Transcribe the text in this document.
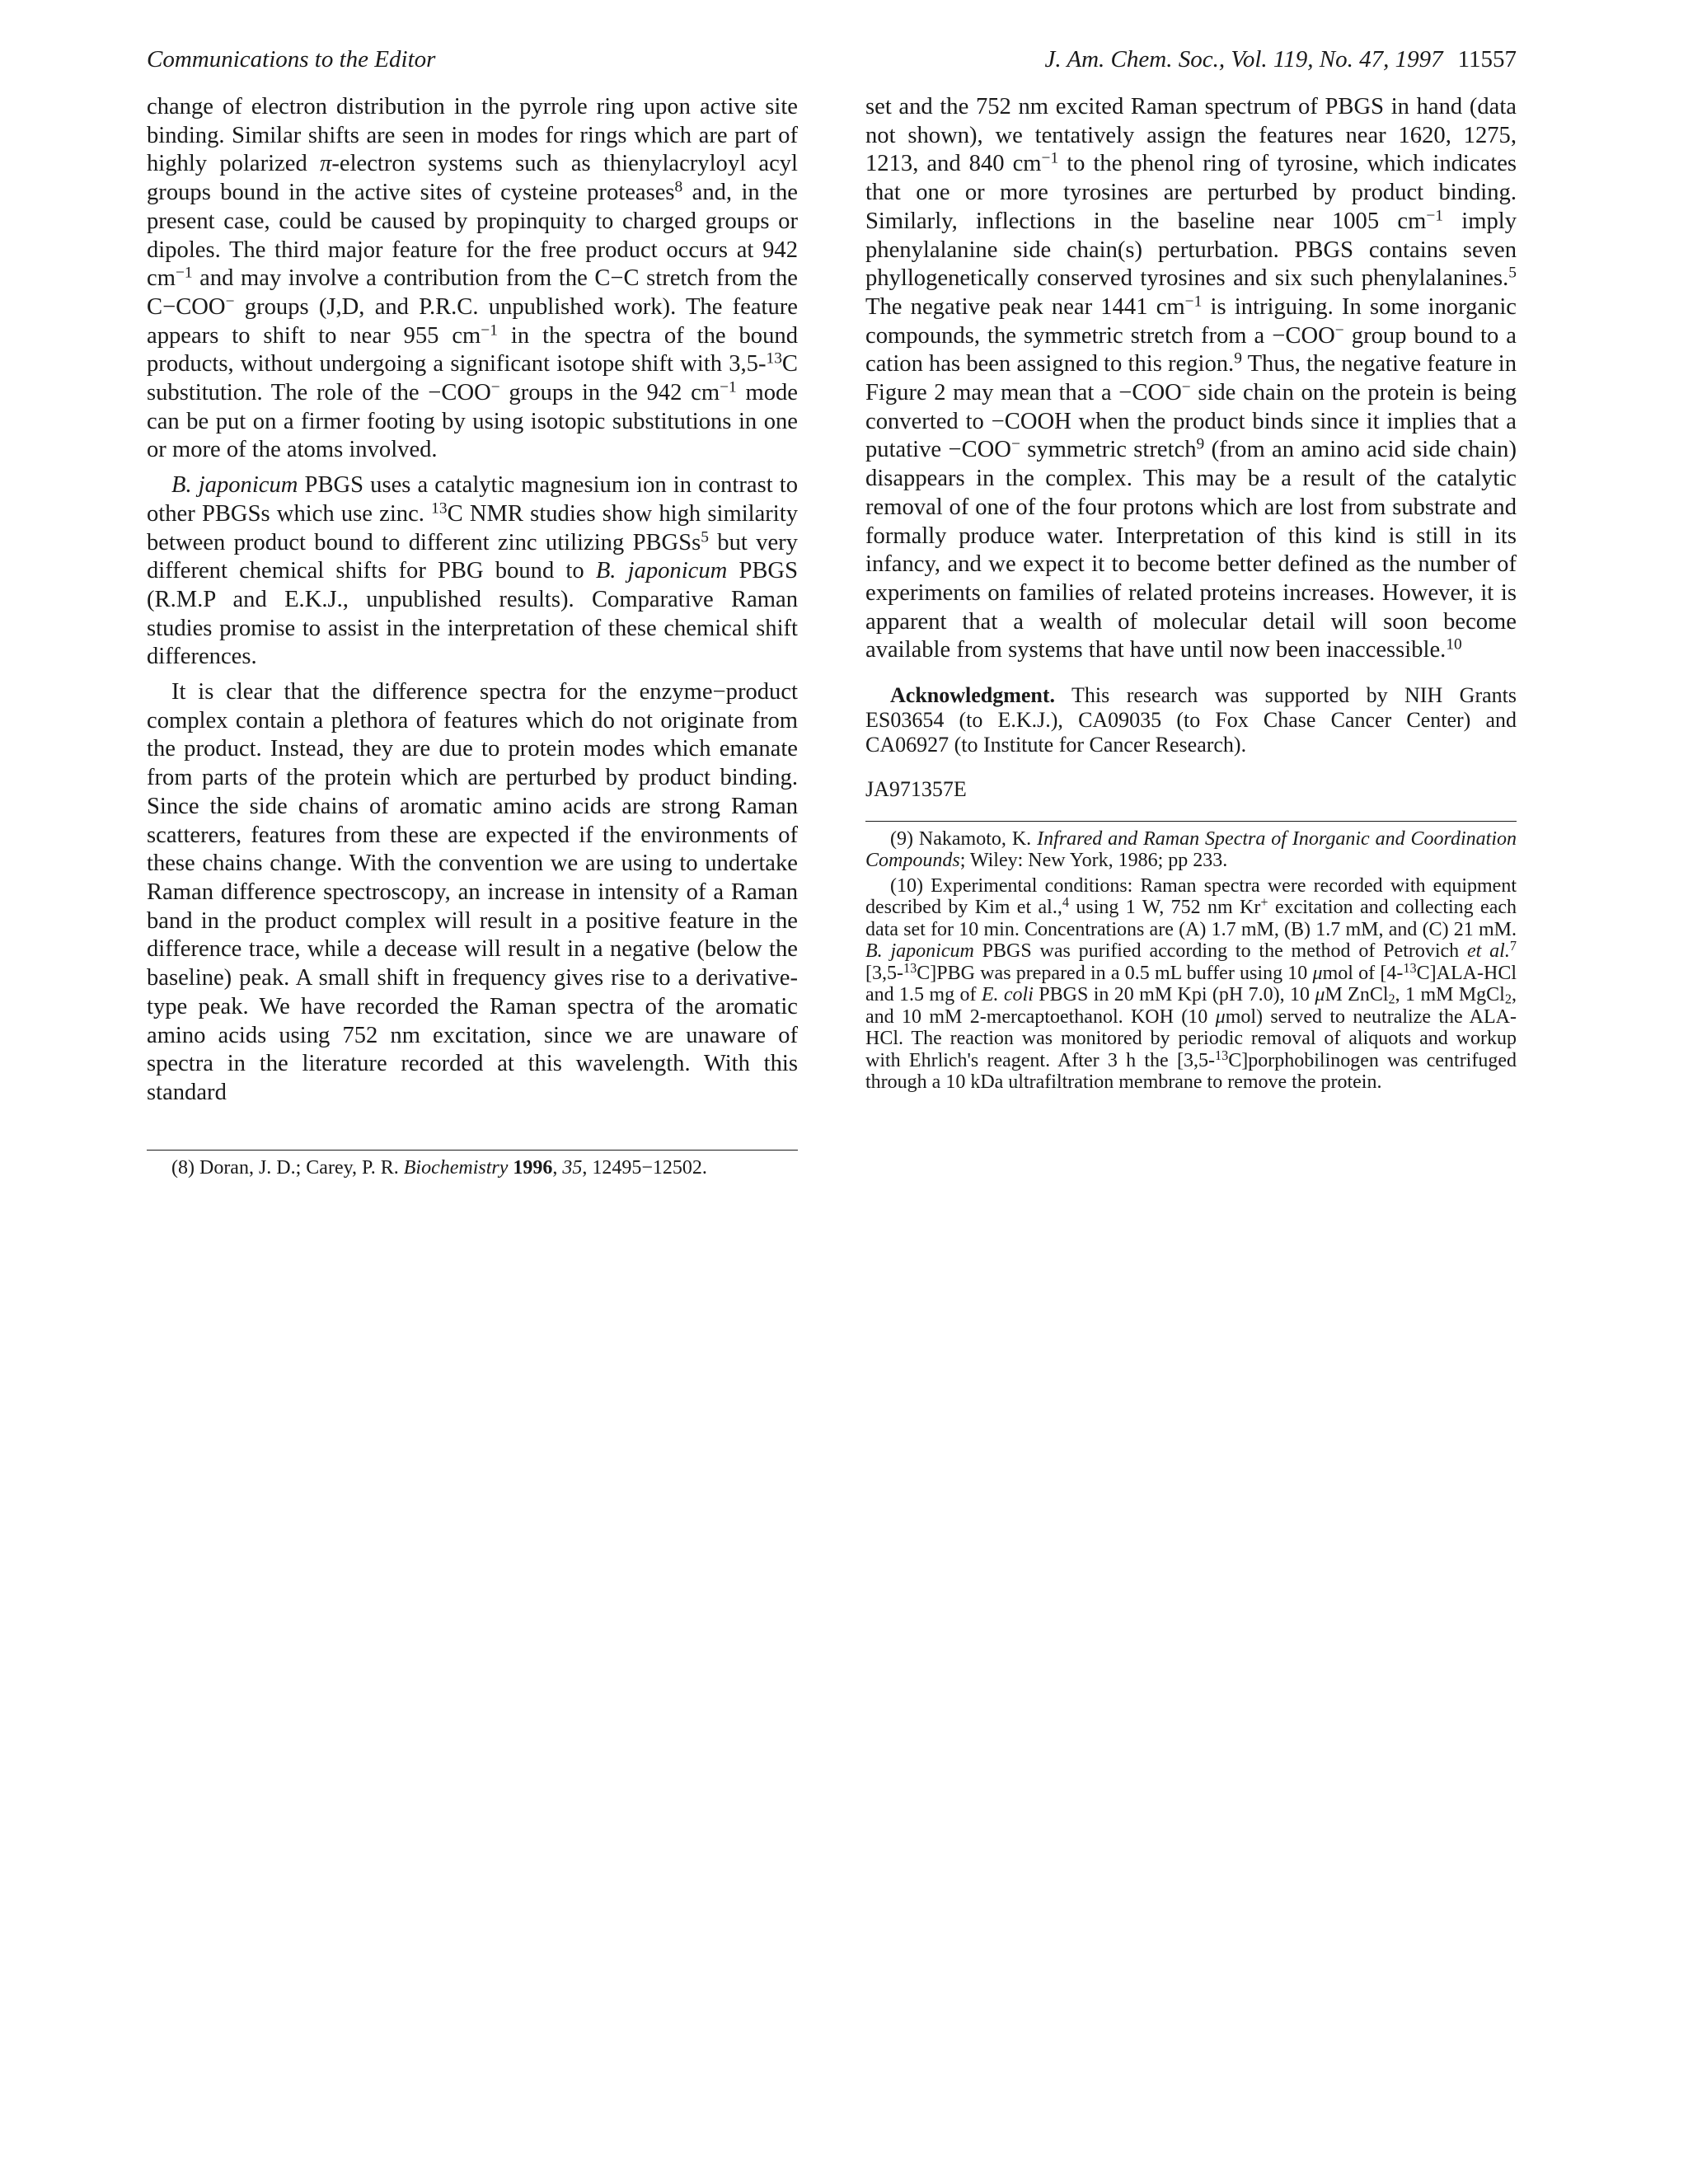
Communications to the Editor	J. Am. Chem. Soc., Vol. 119, No. 47, 1997 11557

change of electron distribution in the pyrrole ring upon active site binding. Similar shifts are seen in modes for rings which are part of highly polarized π-electron systems such as thienylacryloyl acyl groups bound in the active sites of cysteine proteases$^8$ and, in the present case, could be caused by propinquity to charged groups or dipoles. The third major feature for the free product occurs at 942 $cm^{-1}$ and may involve a contribution from the C−C stretch from the C−COO− groups (J,D, and P.R.C. unpublished work). The feature appears to shift to near 955 $cm^{-1}$ in the spectra of the bound products, without undergoing a significant isotope shift with 3,5-$^{13}$C substitution. The role of the −COO− groups in the 942 $cm^{-1}$ mode can be put on a firmer footing by using isotopic substitutions in one or more of the atoms involved.

B. japonicum PBGS uses a catalytic magnesium ion in contrast to other PBGSs which use zinc. $^{13}$C NMR studies show high similarity between product bound to different zinc utilizing PBGSs$^5$ but very different chemical shifts for PBG bound to B. japonicum PBGS (R.M.P and E.K.J., unpublished results). Comparative Raman studies promise to assist in the interpretation of these chemical shift differences.

It is clear that the difference spectra for the enzyme−product complex contain a plethora of features which do not originate from the product. Instead, they are due to protein modes which emanate from parts of the protein which are perturbed by product binding. Since the side chains of aromatic amino acids are strong Raman scatterers, features from these are expected if the environments of these chains change. With the convention we are using to undertake Raman difference spectroscopy, an increase in intensity of a Raman band in the product complex will result in a positive feature in the difference trace, while a decease will result in a negative (below the baseline) peak. A small shift in frequency gives rise to a derivative-type peak. We have recorded the Raman spectra of the aromatic amino acids using 752 nm excitation, since we are unaware of spectra in the literature recorded at this wavelength. With this standard

(8) Doran, J. D.; Carey, P. R. Biochemistry 1996, 35, 12495−12502.

set and the 752 nm excited Raman spectrum of PBGS in hand (data not shown), we tentatively assign the features near 1620, 1275, 1213, and 840 $cm^{-1}$ to the phenol ring of tyrosine, which indicates that one or more tyrosines are perturbed by product binding. Similarly, inflections in the baseline near 1005 $cm^{-1}$ imply phenylalanine side chain(s) perturbation. PBGS contains seven phyllogenetically conserved tyrosines and six such phenylalanines.$^5$ The negative peak near 1441 $cm^{-1}$ is intriguing. In some inorganic compounds, the symmetric stretch from a −COO− group bound to a cation has been assigned to this region.$^9$ Thus, the negative feature in Figure 2 may mean that a −COO− side chain on the protein is being converted to −COOH when the product binds since it implies that a putative −COO− symmetric stretch$^9$ (from an amino acid side chain) disappears in the complex. This may be a result of the catalytic removal of one of the four protons which are lost from substrate and formally produce water. Interpretation of this kind is still in its infancy, and we expect it to become better defined as the number of experiments on families of related proteins increases. However, it is apparent that a wealth of molecular detail will soon become available from systems that have until now been inaccessible.$^{10}$

Acknowledgment. This research was supported by NIH Grants ES03654 (to E.K.J.), CA09035 (to Fox Chase Cancer Center) and CA06927 (to Institute for Cancer Research).

JA971357E

(9) Nakamoto, K. Infrared and Raman Spectra of Inorganic and Coordination Compounds; Wiley: New York, 1986; pp 233.

(10) Experimental conditions: Raman spectra were recorded with equipment described by Kim et al.,$^4$ using 1 W, 752 nm Kr+ excitation and collecting each data set for 10 min. Concentrations are (A) 1.7 mM, (B) 1.7 mM, and (C) 21 mM. B. japonicum PBGS was purified according to the method of Petrovich et al.$^7$ [3,5-$^{13}$C]PBG was prepared in a 0.5 mL buffer using 10 μmol of [4-$^{13}$C]ALA-HCl and 1.5 mg of E. coli PBGS in 20 mM Kpi (pH 7.0), 10 μM ZnCl$_2$, 1 mM MgCl$_2$, and 10 mM 2-mercaptoethanol. KOH (10 μmol) served to neutralize the ALA-HCl. The reaction was monitored by periodic removal of aliquots and workup with Ehrlich's reagent. After 3 h the [3,5-$^{13}$C]porphobilinogen was centrifuged through a 10 kDa ultrafiltration membrane to remove the protein.
